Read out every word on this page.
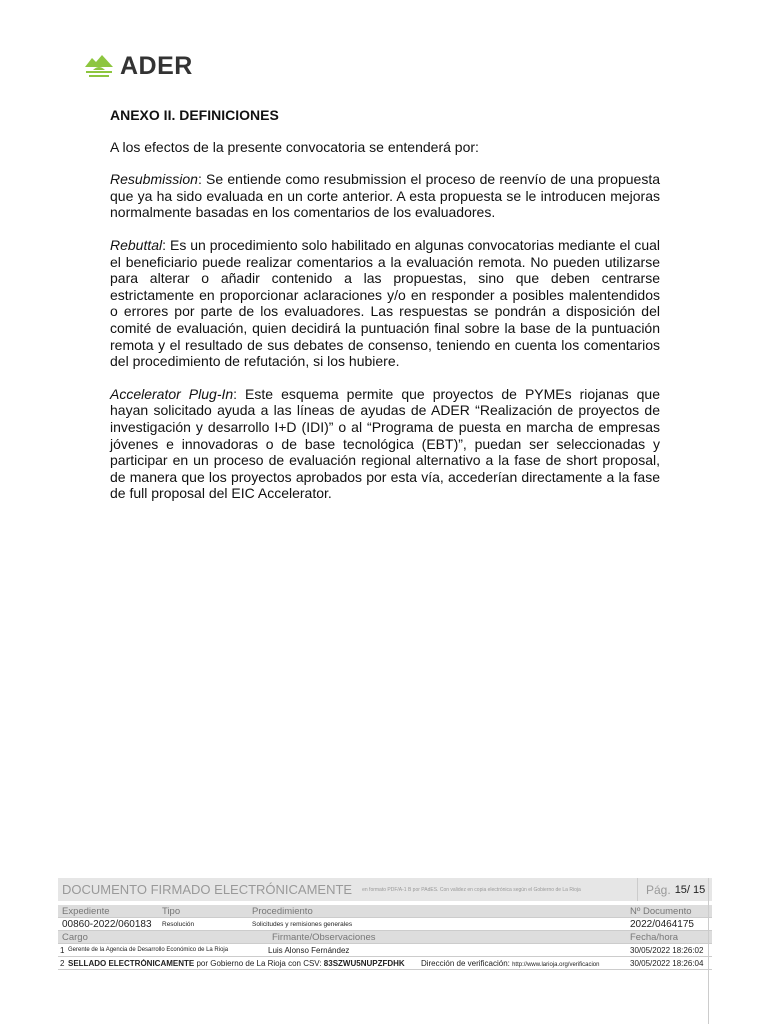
ADER
ANEXO II. DEFINICIONES

A los efectos de la presente convocatoria se entenderá por:

Resubmission: Se entiende como resubmission el proceso de reenvío de una propuesta que ya ha sido evaluada en un corte anterior. A esta propuesta se le introducen mejoras normalmente basadas en los comentarios de los evaluadores.

Rebuttal: Es un procedimiento solo habilitado en algunas convocatorias mediante el cual el beneficiario puede realizar comentarios a la evaluación remota. No pueden utilizarse para alterar o añadir contenido a las propuestas, sino que deben centrarse estrictamente en proporcionar aclaraciones y/o en responder a posibles malentendidos o errores por parte de los evaluadores. Las respuestas se pondrán a disposición del comité de evaluación, quien decidirá la puntuación final sobre la base de la puntuación remota y el resultado de sus debates de consenso, teniendo en cuenta los comentarios del procedimiento de refutación, si los hubiere.

Accelerator Plug-In: Este esquema permite que proyectos de PYMEs riojanas que hayan solicitado ayuda a las líneas de ayudas de ADER “Realización de proyectos de investigación y desarrollo I+D (IDI)” o al “Programa de puesta en marcha de empresas jóvenes e innovadoras o de base tecnológica (EBT)”, puedan ser seleccionadas y participar en un proceso de evaluación regional alternativo a la fase de short proposal, de manera que los proyectos aprobados por esta vía, accederían directamente a la fase de full proposal del EIC Accelerator.

DOCUMENTO FIRMADO ELECTRÓNICAMENTE en formato PDF/A-1 B por PAdES. Con validez en copia electrónica según el Gobierno de La Rioja	Pág. 15/ 15
Expediente	Tipo	Procedimiento	Nº Documento
00860-2022/060183	Resolución	Solicitudes y remisiones generales	2022/0464175
Cargo	Firmante/Observaciones	Fecha/hora
1 Gerente de la Agencia de Desarrollo Económico de La Rioja	Luis Alonso Fernández	30/05/2022 18:26:02
2 SELLADO ELECTRÓNICAMENTE por Gobierno de La Rioja con CSV: 83SZWU5NUPZFDHK Dirección de verificación: http://www.larioja.org/verificacion	30/05/2022 18:26:04
